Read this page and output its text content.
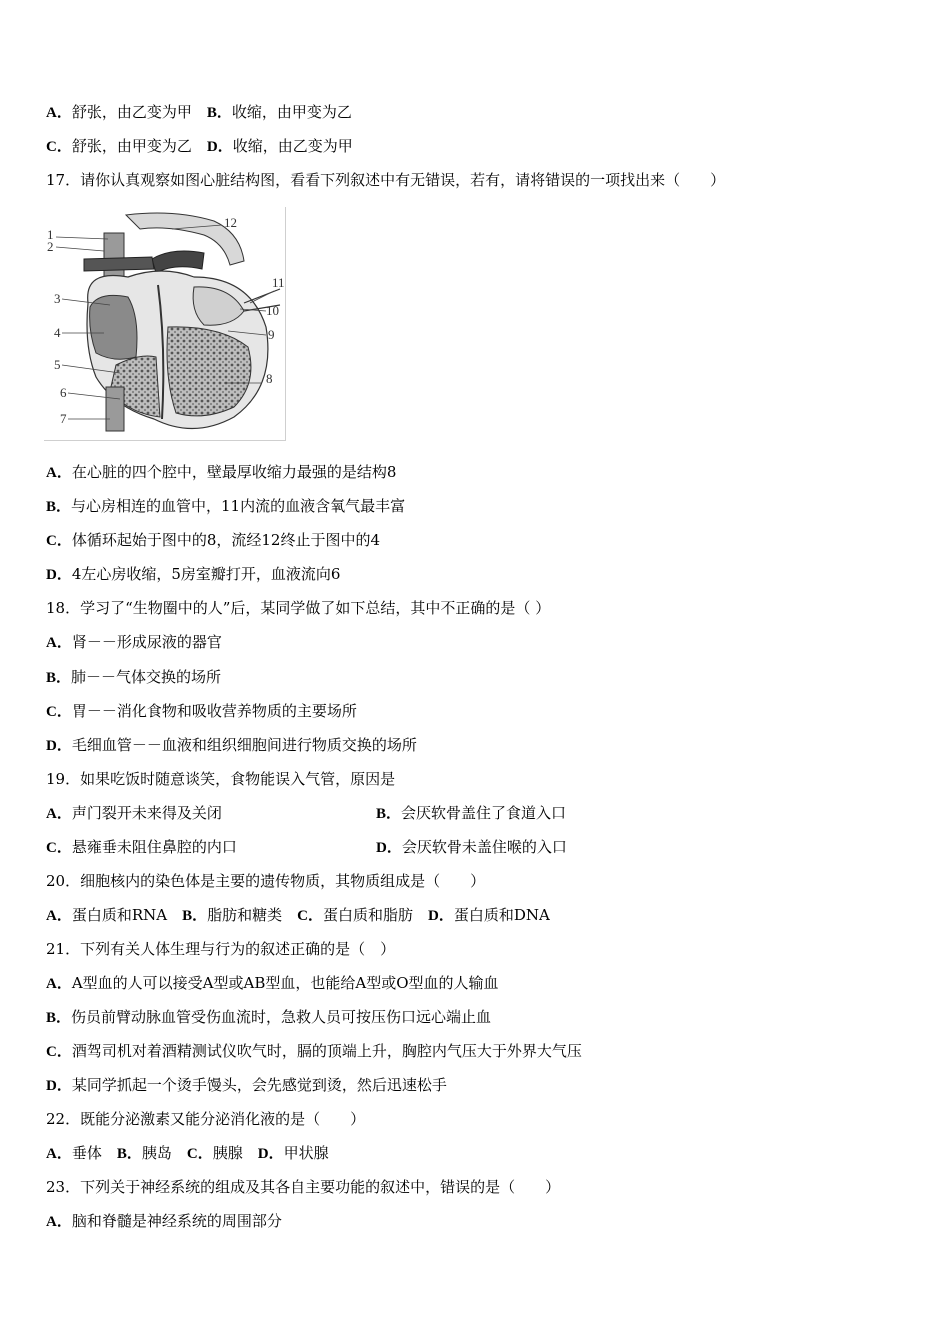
A．舒张，由乙变为甲　 B．收缩，由甲变为乙
C．舒张，由甲变为乙　 D．收缩，由乙变为甲
17．请你认真观察如图心脏结构图，看看下列叙述中有无错误，若有，请将错误的一项找出来（　　）
1
2
3
4
5
6
7
8
9
10
11
12
A．在心脏的四个腔中，壁最厚收缩力最强的是结构8
B．与心房相连的血管中，11内流的血液含氧气最丰富
C．体循环起始于图中的8，流经12终止于图中的4
D．4左心房收缩，5房室瓣打开，血液流向6
18．学习了“生物圈中的人”后，某同学做了如下总结，其中不正确的是（ ）
A．肾－－形成尿液的器官
B．肺－－气体交换的场所
C．胃－－消化食物和吸收营养物质的主要场所
D．毛细血管－－血液和组织细胞间进行物质交换的场所
19．如果吃饭时随意谈笑，食物能误入气管，原因是
A．声门裂开未来得及关闭	B．会厌软骨盖住了食道入口
C．悬雍垂未阻住鼻腔的内口	D．会厌软骨未盖住喉的入口
20．细胞核内的染色体是主要的遗传物质，其物质组成是（　　）
A．蛋白质和RNA　B．脂肪和糖类　C．蛋白质和脂肪　D．蛋白质和DNA
21．下列有关人体生理与行为的叙述正确的是（　）
A．A型血的人可以接受A型或AB型血，也能给A型或O型血的人输血
B．伤员前臂动脉血管受伤血流时，急救人员可按压伤口远心端止血
C．酒驾司机对着酒精测试仪吹气时，膈的顶端上升，胸腔内气压大于外界大气压
D．某同学抓起一个烫手馒头，会先感觉到烫，然后迅速松手
22．既能分泌激素又能分泌消化液的是（　　）
A．垂体　B．胰岛　C．胰腺　D．甲状腺
23．下列关于神经系统的组成及其各自主要功能的叙述中，错误的是（　　）
A．脑和脊髓是神经系统的周围部分
